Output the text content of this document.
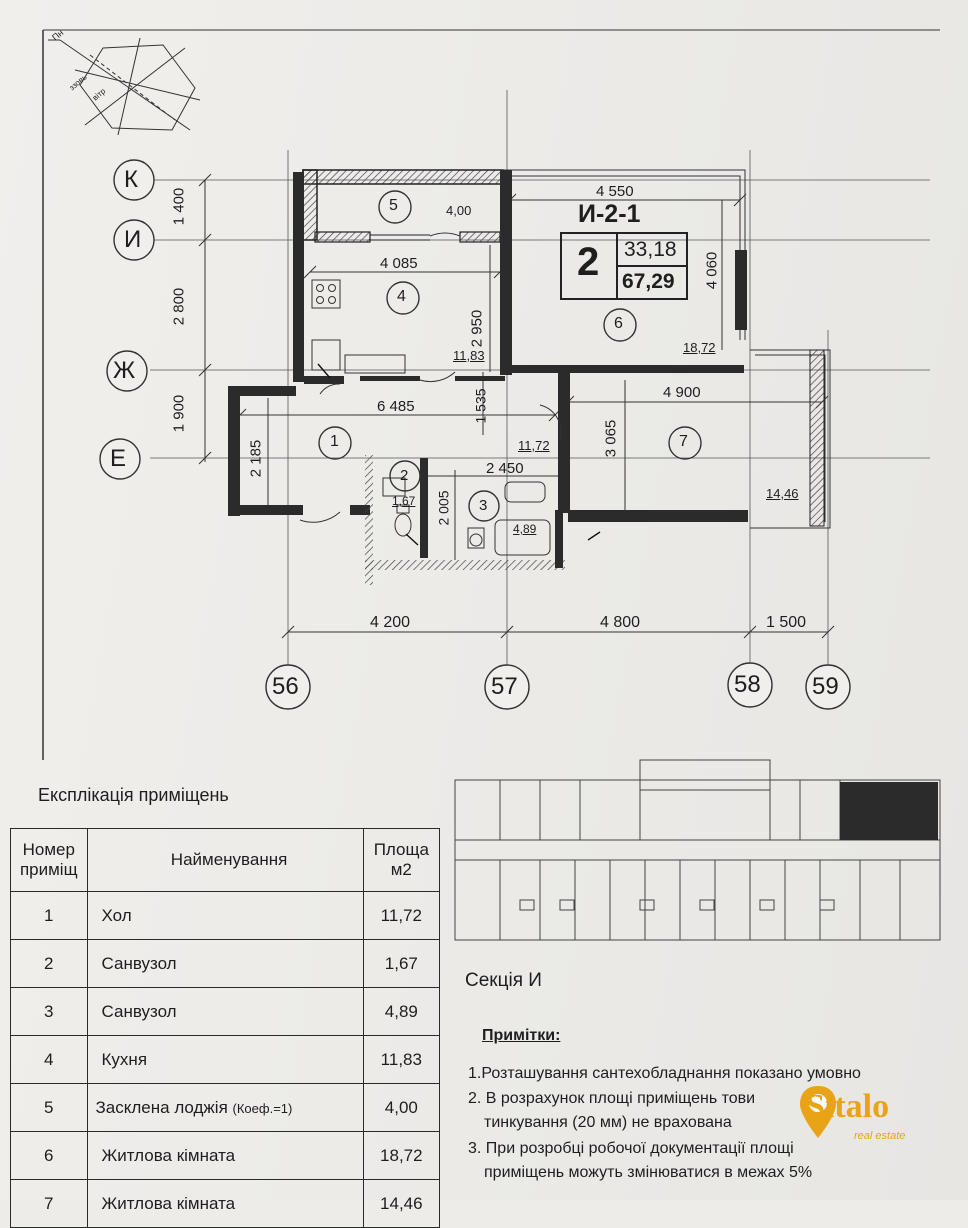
Пн
ззовь
вітр
К
И
Ж
Е
56	57	58 59
1 400
2 800
1 900
4 200	4 800	1 500
И-2-1
2 33,18
67,29
4 550
4 085	4 060
2 950
6 485	1 535	4 900
2 185	2 450
3 065
2 005
5	4,00
4
11,83
6
18,72
1	11,72	7
14,46
2
1,67	3
4,89
Експлікація приміщень
Номер приміщ	Найменування	Площа м2
1	Хол	11,72
2	Санвузол	1,67
3	Санвузол	4,89
4	Кухня	11,83
5	Засклена лоджія (Коеф.=1)	4,00
6	Житлова кімната	18,72
7	Житлова кімната	14,46
Секція И
Примітки:
1.Розташування сантехобладнання показано умовно
2. В розрахунок площі приміщень тови
тинкування (20 мм) не врахована
3. При розробці робочої документації площі
приміщень можуть змінюватися в межах 5%
Sitalo
real estate
